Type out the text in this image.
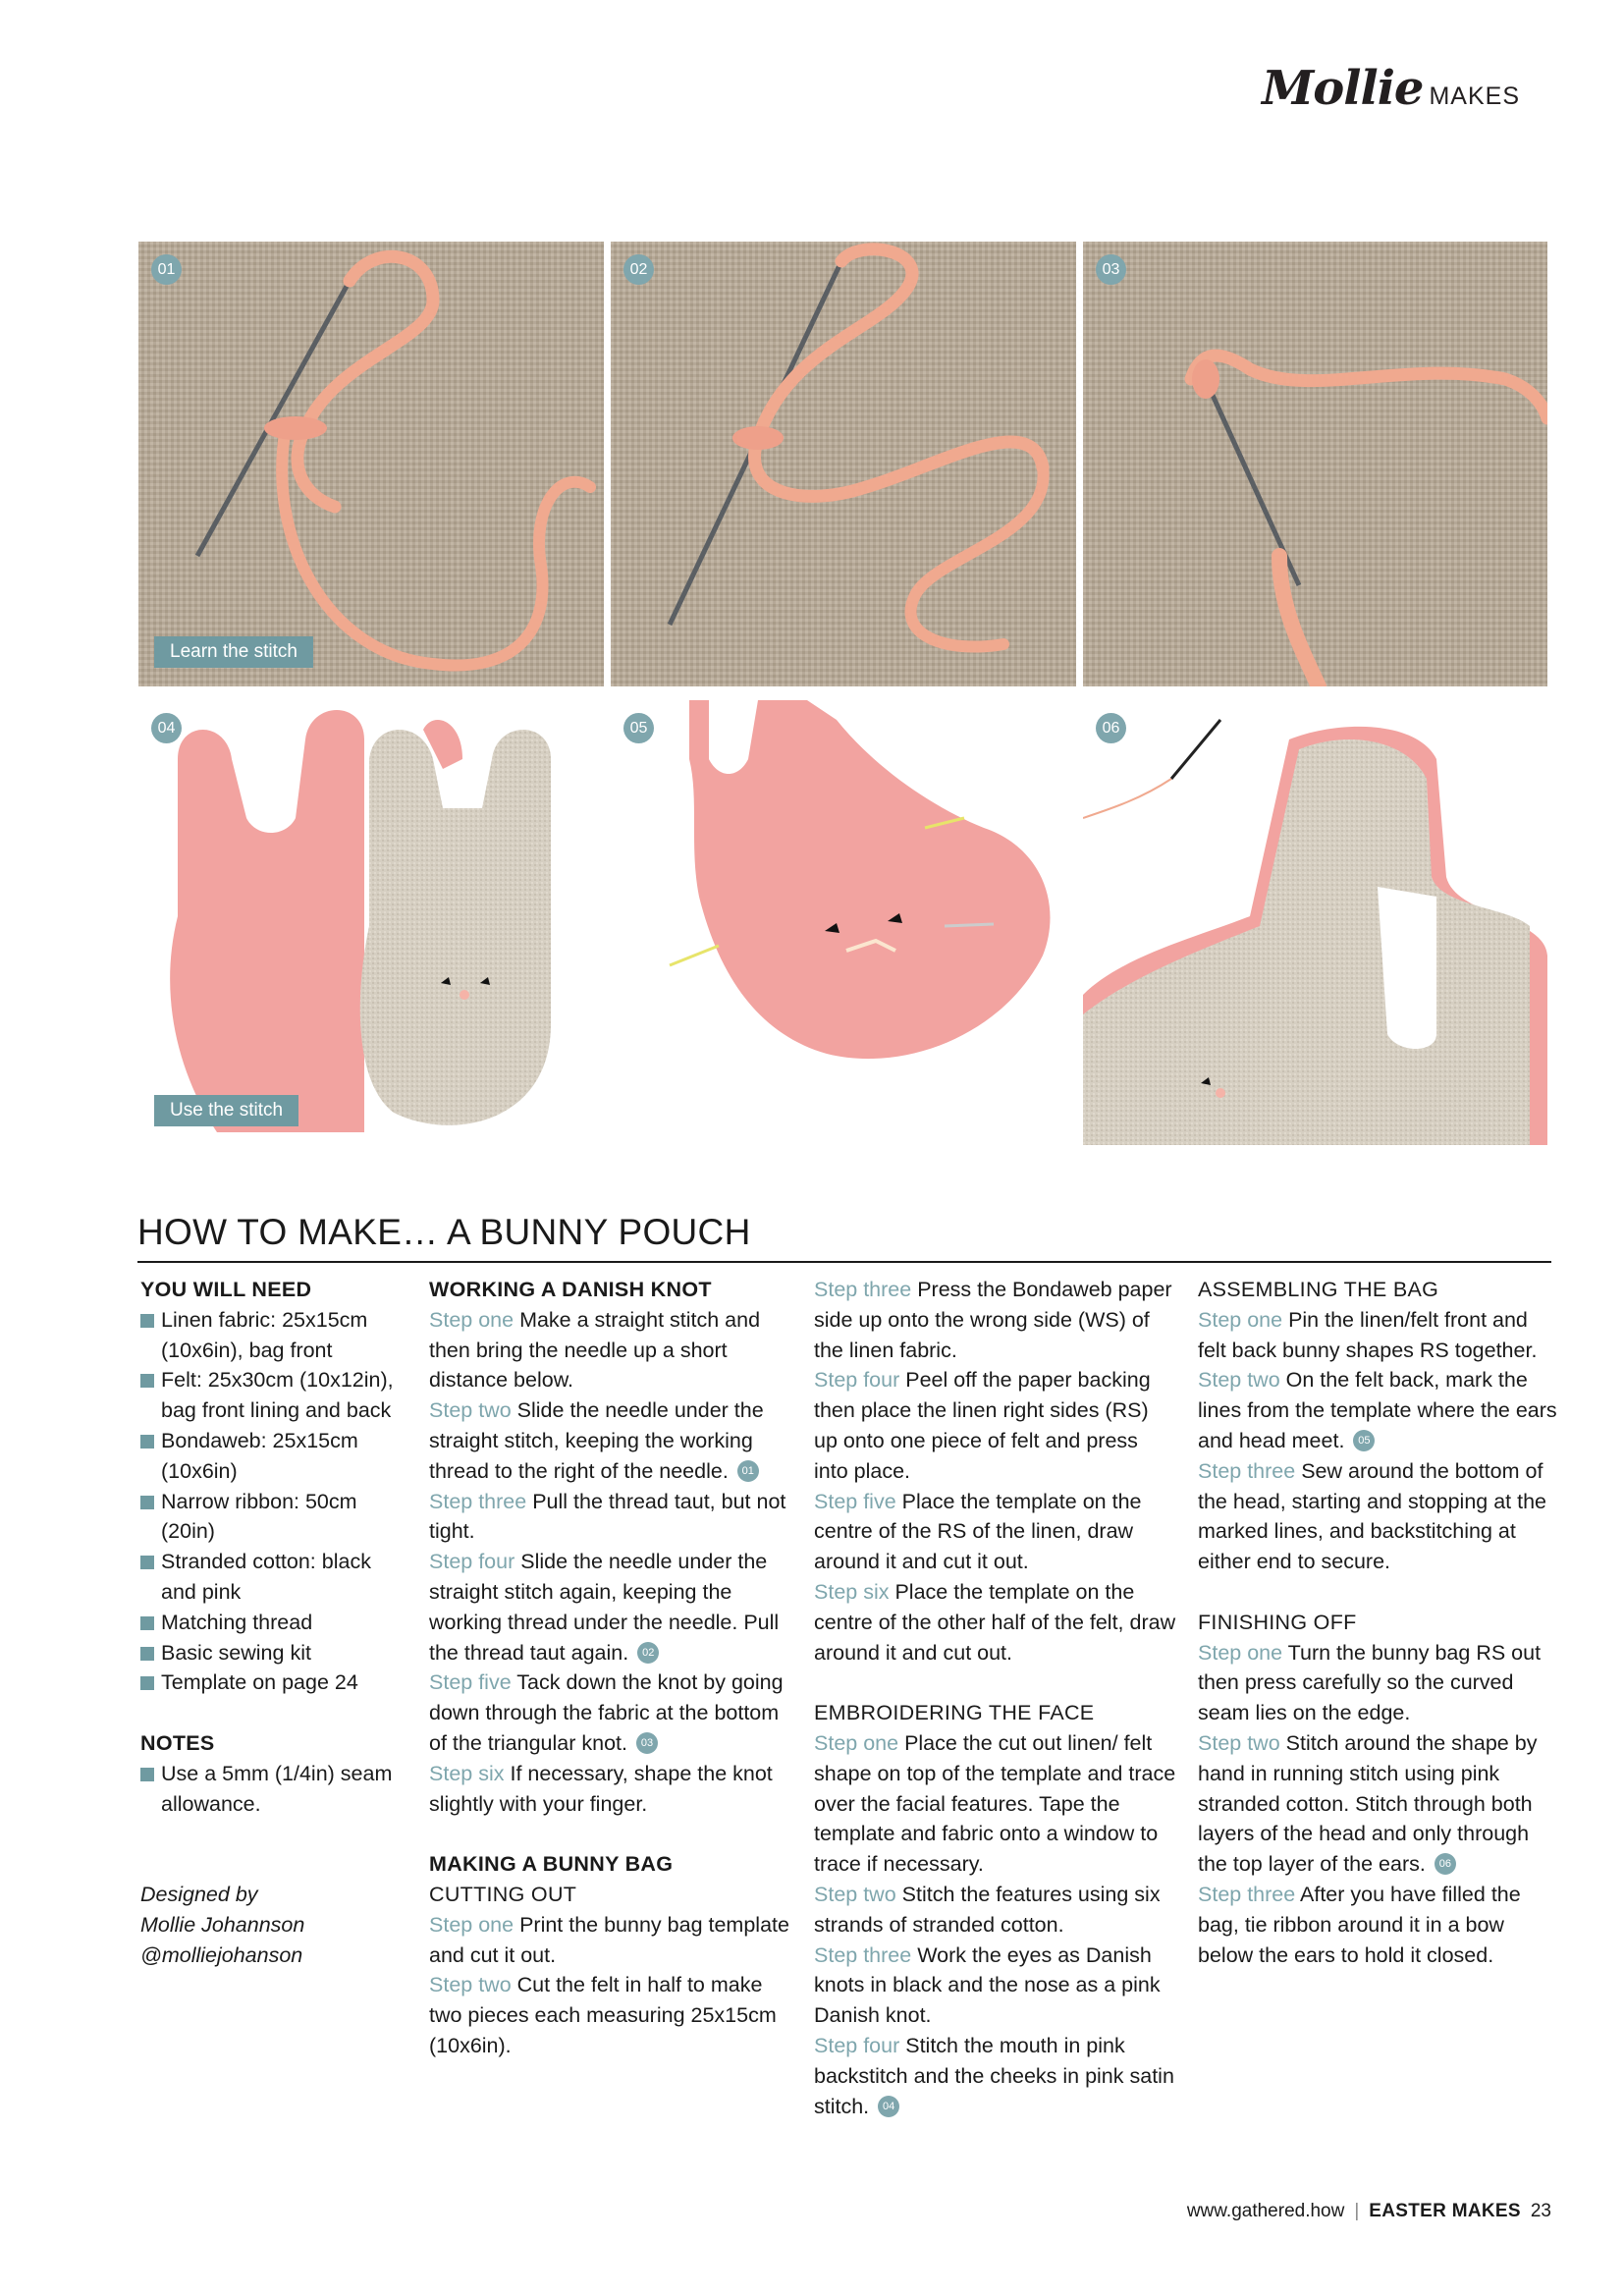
Mollie MAKES
01
Learn the stitch
02	03
04
Use the stitch
05	06
HOW TO MAKE… A BUNNY POUCH
YOU WILL NEED
Linen fabric: 25x15cm (10x6in), bag front
Felt: 25x30cm (10x12in), bag front lining and back
Bondaweb: 25x15cm (10x6in)
Narrow ribbon: 50cm (20in)
Stranded cotton: black and pink
Matching thread
Basic sewing kit
Template on page 24
NOTES
Use a 5mm (1/4in) seam allowance.
Designed by
Mollie Johannson
@molliejohanson
WORKING A DANISH KNOT

Step one Make a straight stitch and then bring the needle up a short distance below.

Step two Slide the needle under the straight stitch, keeping the working thread to the right of the needle. 01

Step three Pull the thread taut, but not tight.

Step four Slide the needle under the straight stitch again, keeping the working thread under the needle. Pull the thread taut again. 02

Step five Tack down the knot by going down through the fabric at the bottom of the triangular knot. 03

Step six If necessary, shape the knot slightly with your finger.

MAKING A BUNNY BAG
CUTTING OUT

Step one Print the bunny bag template and cut it out.

Step two Cut the felt in half to make two pieces each measuring 25x15cm (10x6in).

Step three Press the Bondaweb paper side up onto the wrong side (WS) of the linen fabric.

Step four Peel off the paper backing then place the linen right sides (RS) up onto one piece of felt and press into place.

Step five Place the template on the centre of the RS of the linen, draw around it and cut it out.

Step six Place the template on the centre of the other half of the felt, draw around it and cut out.

EMBROIDERING THE FACE

Step one Place the cut out linen/ felt shape on top of the template and trace over the facial features. Tape the template and fabric onto a window to trace if necessary.

Step two Stitch the features using six strands of stranded cotton.

Step three Work the eyes as Danish knots in black and the nose as a pink Danish knot.

Step four Stitch the mouth in pink backstitch and the cheeks in pink satin stitch. 04

ASSEMBLING THE BAG

Step one Pin the linen/felt front and felt back bunny shapes RS together.

Step two On the felt back, mark the lines from the template where the ears and head meet. 05

Step three Sew around the bottom of the head, starting and stopping at the marked lines, and backstitching at either end to secure.

FINISHING OFF

Step one Turn the bunny bag RS out then press carefully so the curved seam lies on the edge.

Step two Stitch around the shape by hand in running stitch using pink stranded cotton. Stitch through both layers of the head and only through the top layer of the ears. 06

Step three After you have filled the bag, tie ribbon around it in a bow below the ears to hold it closed.

www.gathered.how | EASTER MAKES 23
